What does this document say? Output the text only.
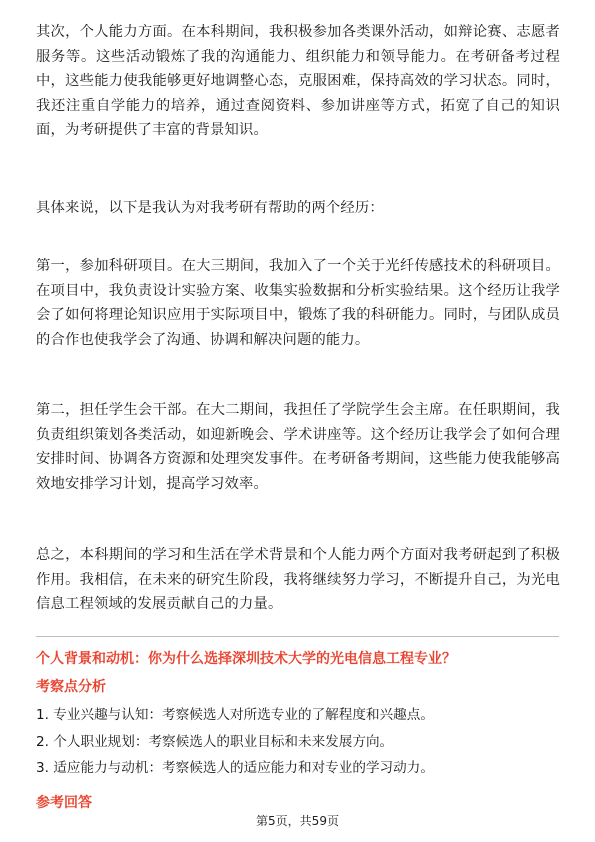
其次，个人能力方面。在本科期间，我积极参加各类课外活动，如辩论赛、志愿者服务等。这些活动锻炼了我的沟通能力、组织能力和领导能力。在考研备考过程中，这些能力使我能够更好地调整心态，克服困难，保持高效的学习状态。同时，我还注重自学能力的培养，通过查阅资料、参加讲座等方式，拓宽了自己的知识面，为考研提供了丰富的背景知识。

具体来说，以下是我认为对我考研有帮助的两个经历：

第一，参加科研项目。在大三期间，我加入了一个关于光纤传感技术的科研项目。在项目中，我负责设计实验方案、收集实验数据和分析实验结果。这个经历让我学会了如何将理论知识应用于实际项目中，锻炼了我的科研能力。同时，与团队成员的合作也使我学会了沟通、协调和解决问题的能力。

第二，担任学生会干部。在大二期间，我担任了学院学生会主席。在任职期间，我负责组织策划各类活动，如迎新晚会、学术讲座等。这个经历让我学会了如何合理安排时间、协调各方资源和处理突发事件。在考研备考期间，这些能力使我能够高效地安排学习计划，提高学习效率。

总之，本科期间的学习和生活在学术背景和个人能力两个方面对我考研起到了积极作用。我相信，在未来的研究生阶段，我将继续努力学习，不断提升自己，为光电信息工程领域的发展贡献自己的力量。

个人背景和动机：你为什么选择深圳技术大学的光电信息工程专业？
考察点分析
1. 专业兴趣与认知：考察候选人对所选专业的了解程度和兴趣点。
2. 个人职业规划：考察候选人的职业目标和未来发展方向。
3. 适应能力与动机：考察候选人的适应能力和对专业的学习动力。
参考回答
第5页，共59页
